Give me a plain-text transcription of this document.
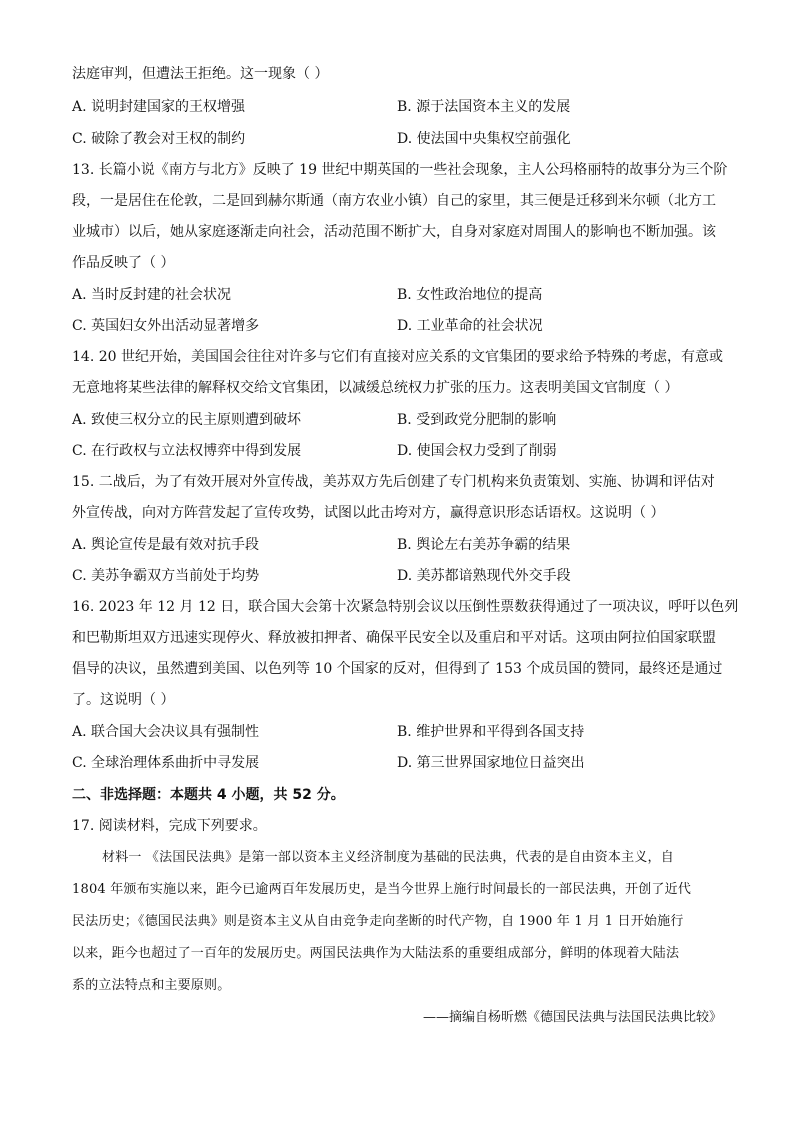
法庭审判，但遭法王拒绝。这一现象（ ）
A. 说明封建国家的王权增强	B. 源于法国资本主义的发展
C. 破除了教会对王权的制约	D. 使法国中央集权空前强化
13. 长篇小说《南方与北方》反映了 19 世纪中期英国的一些社会现象，主人公玛格丽特的故事分为三个阶
段，一是居住在伦敦，二是回到赫尔斯通（南方农业小镇）自己的家里，其三便是迁移到米尔顿（北方工
业城市）以后，她从家庭逐渐走向社会，活动范围不断扩大，自身对家庭对周围人的影响也不断加强。该
作品反映了（ ）
A. 当时反封建的社会状况	B. 女性政治地位的提高
C. 英国妇女外出活动显著增多	D. 工业革命的社会状况
14. 20 世纪开始，美国国会往往对许多与它们有直接对应关系的文官集团的要求给予特殊的考虑，有意或
无意地将某些法律的解释权交给文官集团，以减缓总统权力扩张的压力。这表明美国文官制度（ ）
A. 致使三权分立的民主原则遭到破坏	B. 受到政党分肥制的影响
C. 在行政权与立法权博弈中得到发展	D. 使国会权力受到了削弱
15. 二战后，为了有效开展对外宣传战，美苏双方先后创建了专门机构来负责策划、实施、协调和评估对
外宣传战，向对方阵营发起了宣传攻势，试图以此击垮对方，赢得意识形态话语权。这说明（ ）
A. 舆论宣传是最有效对抗手段	B. 舆论左右美苏争霸的结果
C. 美苏争霸双方当前处于均势	D. 美苏都谙熟现代外交手段
16. 2023 年 12 月 12 日，联合国大会第十次紧急特别会议以压倒性票数获得通过了一项决议，呼吁以色列
和巴勒斯坦双方迅速实现停火、释放被扣押者、确保平民安全以及重启和平对话。这项由阿拉伯国家联盟
倡导的决议，虽然遭到美国、以色列等 10 个国家的反对，但得到了 153 个成员国的赞同，最终还是通过
了。这说明（ ）
A. 联合国大会决议具有强制性	B. 维护世界和平得到各国支持
C. 全球治理体系曲折中寻发展	D. 第三世界国家地位日益突出
二、非选择题：本题共 4 小题，共 52 分。
17. 阅读材料，完成下列要求。
材料一 《法国民法典》是第一部以资本主义经济制度为基础的民法典，代表的是自由资本主义，自
1804 年颁布实施以来，距今已逾两百年发展历史，是当今世界上施行时间最长的一部民法典，开创了近代
民法历史；《德国民法典》则是资本主义从自由竞争走向垄断的时代产物，自 1900 年 1 月 1 日开始施行
以来，距今也超过了一百年的发展历史。两国民法典作为大陆法系的重要组成部分，鲜明的体现着大陆法
系的立法特点和主要原则。
——摘编自杨昕燃《德国民法典与法国民法典比较》
